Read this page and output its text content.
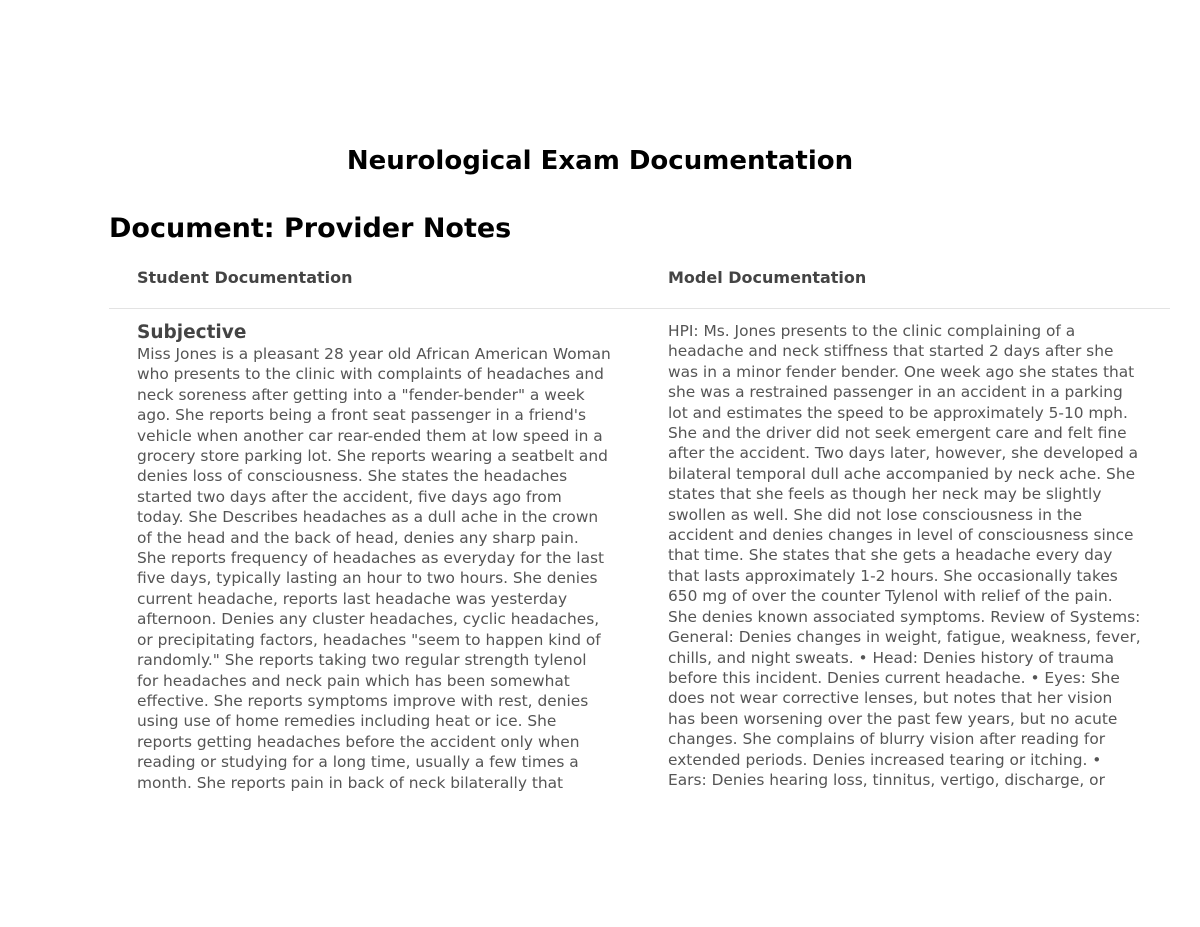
Neurological Exam Documentation
Document: Provider Notes
Student Documentation	Model Documentation
Subjective
Miss Jones is a pleasant 28 year old African American Woman
who presents to the clinic with complaints of headaches and
neck soreness after getting into a "fender-bender" a week
ago. She reports being a front seat passenger in a friend's
vehicle when another car rear-ended them at low speed in a
grocery store parking lot. She reports wearing a seatbelt and
denies loss of consciousness. She states the headaches
started two days after the accident, five days ago from
today. She Describes headaches as a dull ache in the crown
of the head and the back of head, denies any sharp pain.
She reports frequency of headaches as everyday for the last
five days, typically lasting an hour to two hours. She denies
current headache, reports last headache was yesterday
afternoon. Denies any cluster headaches, cyclic headaches,
or precipitating factors, headaches "seem to happen kind of
randomly." She reports taking two regular strength tylenol
for headaches and neck pain which has been somewhat
effective. She reports symptoms improve with rest, denies
using use of home remedies including heat or ice. She
reports getting headaches before the accident only when
reading or studying for a long time, usually a few times a
month. She reports pain in back of neck bilaterally that
HPI: Ms. Jones presents to the clinic complaining of a
headache and neck stiffness that started 2 days after she
was in a minor fender bender. One week ago she states that
she was a restrained passenger in an accident in a parking
lot and estimates the speed to be approximately 5-10 mph.
She and the driver did not seek emergent care and felt fine
after the accident. Two days later, however, she developed a
bilateral temporal dull ache accompanied by neck ache. She
states that she feels as though her neck may be slightly
swollen as well. She did not lose consciousness in the
accident and denies changes in level of consciousness since
that time. She states that she gets a headache every day
that lasts approximately 1-2 hours. She occasionally takes
650 mg of over the counter Tylenol with relief of the pain.
She denies known associated symptoms. Review of Systems:
General: Denies changes in weight, fatigue, weakness, fever,
chills, and night sweats. • Head: Denies history of trauma
before this incident. Denies current headache. • Eyes: She
does not wear corrective lenses, but notes that her vision
has been worsening over the past few years, but no acute
changes. She complains of blurry vision after reading for
extended periods. Denies increased tearing or itching. •
Ears: Denies hearing loss, tinnitus, vertigo, discharge, or
